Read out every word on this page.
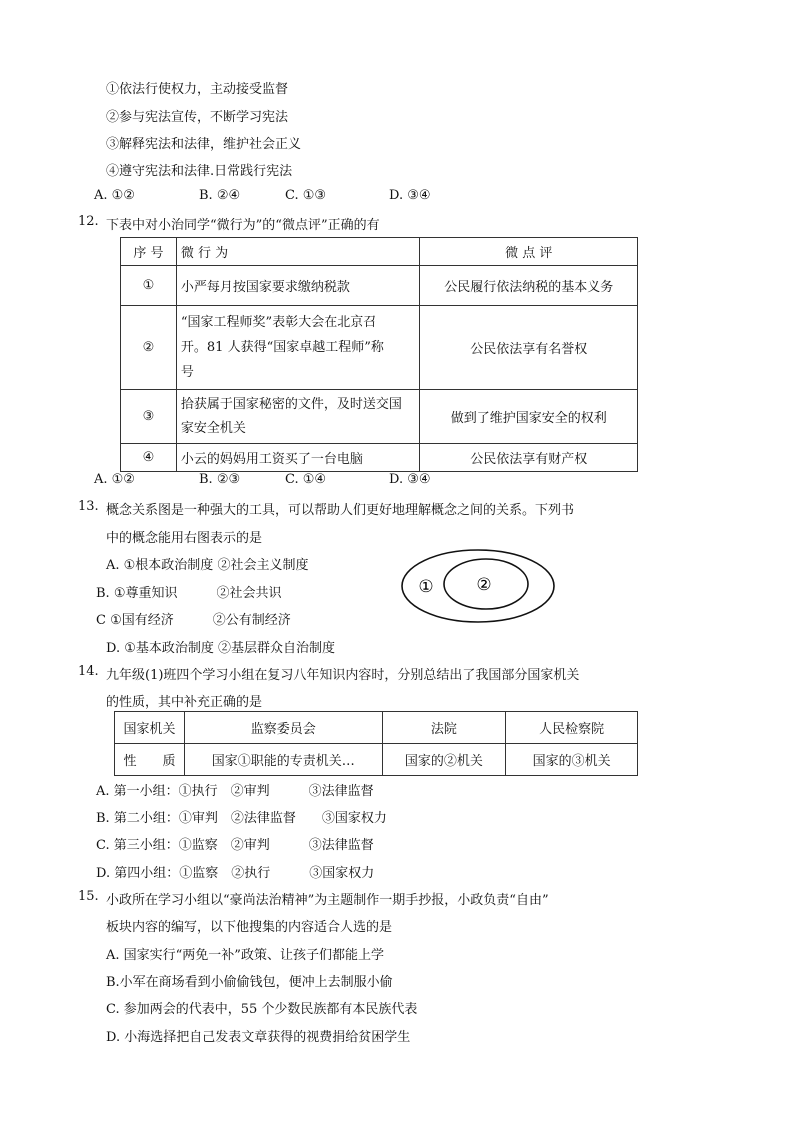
①依法行使权力，主动接受监督
②参与宪法宣传，不断学习宪法
③解释宪法和法律，维护社会正义
④遵守宪法和法律.日常践行宪法
A. ①②	B. ②④	C. ①③	D. ③④
12. 下表中对小治同学“微行为”的“微点评”正确的有
序 号	微 行 为	微 点 评
①	小严每月按国家要求缴纳税款	公民履行依法纳税的基本义务
②	“国家工程师奖”表彰大会在北京召
开。81 人获得“国家卓越工程师”称
号	公民依法享有名誉权
③	拾获属于国家秘密的文件，及时送交国
家安全机关	做到了维护国家安全的权利
④	小云的妈妈用工资买了一台电脑	公民依法享有财产权
A. ①②	B. ②③	C. ①④	D. ③④
13. 概念关系图是一种强大的工具，可以帮助人们更好地理解概念之间的关系。下列书
中的概念能用右图表示的是
A. ①根本政治制度 ②社会主义制度
B. ①尊重知识　　　②社会共识
C ①国有经济　　　②公有制经济
D. ①基本政治制度 ②基层群众自治制度
①	②
14. 九年级(1)班四个学习小组在复习八年知识内容时，分别总结出了我国部分国家机关
的性质，其中补充正确的是
国家机关	监察委员会	法院	人民检察院
性　　质	国家①职能的专责机关…	国家的②机关	国家的③机关
A. 第一小组：①执行　②审判　　　③法律监督
B. 第二小组：①审判　②法律监督　　③国家权力
C. 第三小组：①监察　②审判　　　③法律监督
D. 第四小组：①监察　②执行　　　③国家权力
15. 小政所在学习小组以“豪尚法治精神”为主题制作一期手抄报，小政负责“自由”
板块内容的编写，以下他搜集的内容适合人选的是
A. 国家实行“两免一补”政策、让孩子们都能上学
B.小军在商场看到小偷偷钱包，便冲上去制服小偷
C. 参加两会的代表中，55 个少数民族都有本民族代表
D. 小海选择把自己发表文章获得的视费捐给贫困学生
